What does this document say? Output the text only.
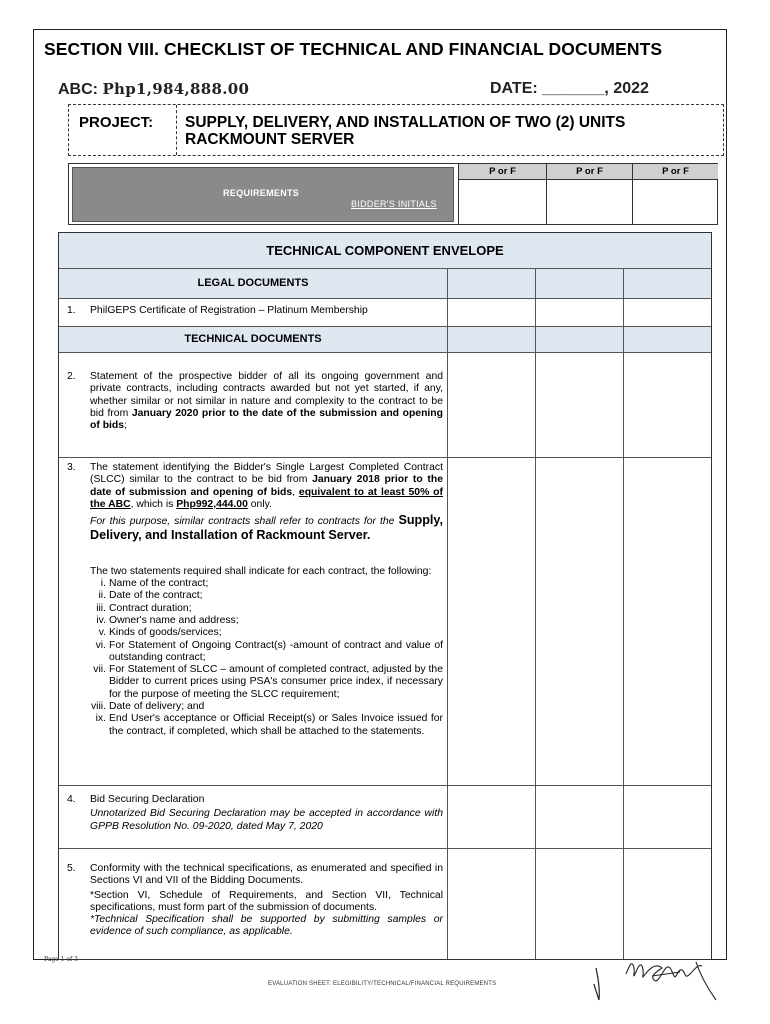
SECTION VIII. CHECKLIST OF TECHNICAL AND FINANCIAL DOCUMENTS
ABC: Php1,984,888.00	DATE: _______, 2022
PROJECT:	SUPPLY, DELIVERY, AND INSTALLATION OF TWO (2) UNITS RACKMOUNT SERVER
REQUIREMENTS
BIDDER'S INITIALS
P or F	P or F	P or F
TECHNICAL COMPONENT ENVELOPE
LEGAL DOCUMENTS
1. PhilGEPS Certificate of Registration – Platinum Membership
TECHNICAL DOCUMENTS
2. Statement of the prospective bidder of all its ongoing government and private contracts, including contracts awarded but not yet started, if any, whether similar or not similar in nature and complexity to the contract to be bid from January 2020 prior to the date of the submission and opening of bids;
3. The statement identifying the Bidder's Single Largest Completed Contract (SLCC) similar to the contract to be bid from January 2018 prior to the date of submission and opening of bids, equivalent to at least 50% of the ABC, which is Php992,444.00 only.
For this purpose, similar contracts shall refer to contracts for the Supply, Delivery, and Installation of Rackmount Server.
The two statements required shall indicate for each contract, the following:
i. Name of the contract;
ii. Date of the contract;
iii. Contract duration;
iv. Owner's name and address;
v. Kinds of goods/services;
vi. For Statement of Ongoing Contract(s) -amount of contract and value of outstanding contract;
vii. For Statement of SLCC – amount of completed contract, adjusted by the Bidder to current prices using PSA's consumer price index, if necessary for the purpose of meeting the SLCC requirement;
viii. Date of delivery; and
ix. End User's acceptance or Official Receipt(s) or Sales Invoice issued for the contract, if completed, which shall be attached to the statements.
4. Bid Securing Declaration
Unnotarized Bid Securing Declaration may be accepted in accordance with GPPB Resolution No. 09-2020, dated May 7, 2020
5. Conformity with the technical specifications, as enumerated and specified in Sections VI and VII of the Bidding Documents.
*Section VI, Schedule of Requirements, and Section VII, Technical specifications, must form part of the submission of documents.
*Technical Specification shall be supported by submitting samples or evidence of such compliance, as applicable.
Page 1 of 3
EVALUATION SHEET: ELEGIBILITY/TECHNICAL/FINANCIAL REQUIREMENTS
